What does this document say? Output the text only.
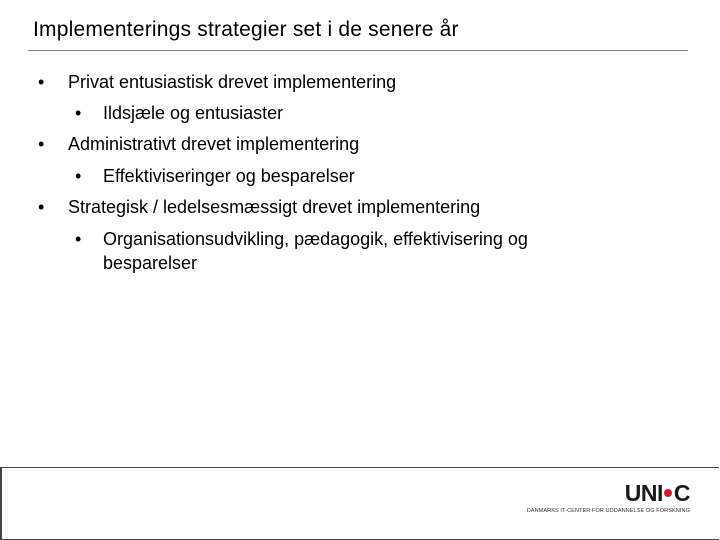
Implementerings strategier set i de senere år
• Privat entusiastisk drevet implementering
• Ildsjæle og entusiaster
• Administrativt drevet implementering
• Effektiviseringer og besparelser
• Strategisk / ledelsesmæssigt drevet implementering
• Organisationsudvikling, pædagogik, effektivisering og besparelser
UNI C
DANMARKS IT-CENTER FOR UDDANNELSE OG FORSKNING
